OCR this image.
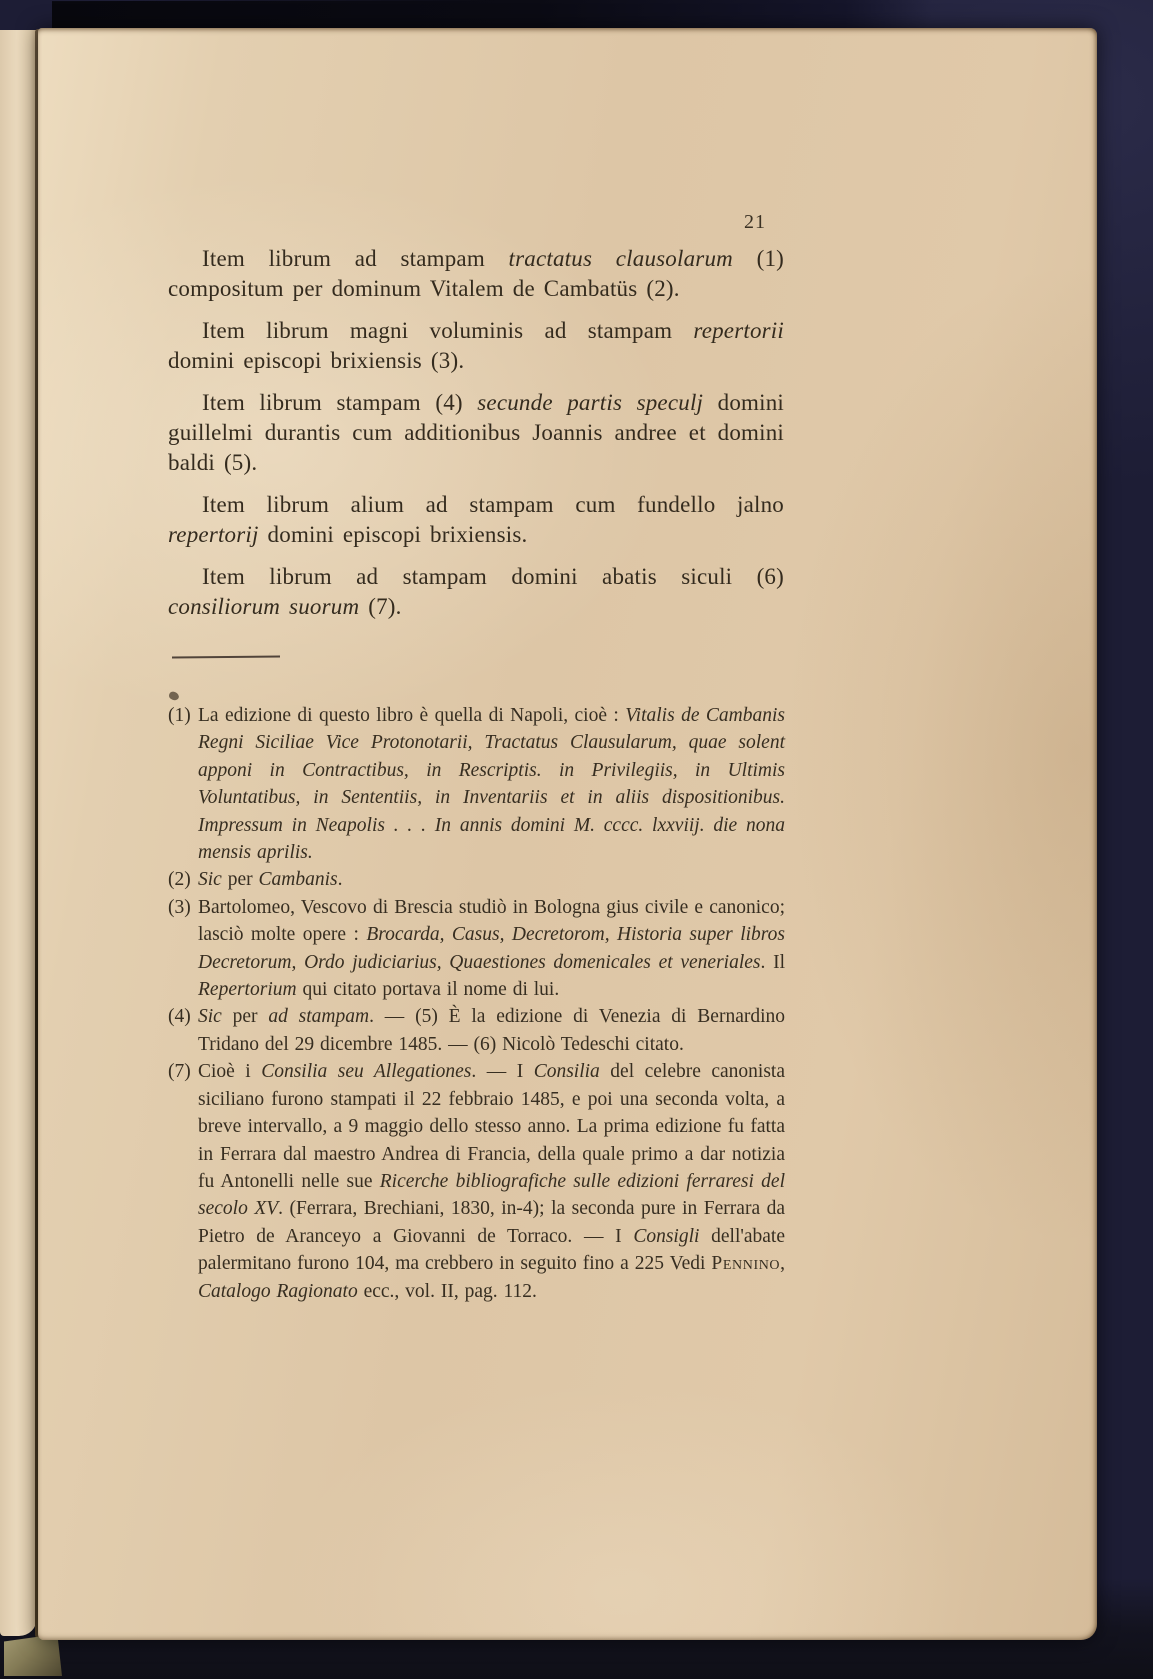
21

Item librum ad stampam tractatus clausolarum (1) compositum per dominum Vitalem de Cambatüs (2).

Item librum magni voluminis ad stampam repertorii domini episcopi brixiensis (3).

Item librum stampam (4) secunde partis speculj domini guillelmi durantis cum additionibus Joannis andree et domini baldi (5).

Item librum alium ad stampam cum fundello jalno repertorij domini episcopi brixiensis.

Item librum ad stampam domini abatis siculi (6) consiliorum suorum (7).

(1) La edizione di questo libro è quella di Napoli, cioè : Vitalis de Cambanis Regni Siciliae Vice Protonotarii, Tractatus Clausularum, quae solent apponi in Contractibus, in Rescriptis. in Privilegiis, in Ultimis Voluntatibus, in Sententiis, in Inventariis et in aliis dispositionibus. Impressum in Neapolis . . . In annis domini M. cccc. lxxviij. die nona mensis aprilis.

(2) Sic per Cambanis.

(3) Bartolomeo, Vescovo di Brescia studiò in Bologna gius civile e canonico; lasciò molte opere : Brocarda, Casus, Decretorom, Historia super libros Decretorum, Ordo judiciarius, Quaestiones domenicales et veneriales. Il Repertorium qui citato portava il nome di lui.

(4) Sic per ad stampam. — (5) È la edizione di Venezia di Bernardino Tridano del 29 dicembre 1485. — (6) Nicolò Tedeschi citato.

(7) Cioè i Consilia seu Allegationes. — I Consilia del celebre canonista siciliano furono stampati il 22 febbraio 1485, e poi una seconda volta, a breve intervallo, a 9 maggio dello stesso anno. La prima edizione fu fatta in Ferrara dal maestro Andrea di Francia, della quale primo a dar notizia fu Antonelli nelle sue Ricerche bibliografiche sulle edizioni ferraresi del secolo XV. (Ferrara, Brechiani, 1830, in-4); la seconda pure in Ferrara da Pietro de Aranceyo a Giovanni de Torraco. — I Consigli dell'abate palermitano furono 104, ma crebbero in seguito fino a 225 Vedi Pennino, Catalogo Ragionato ecc., vol. II, pag. 112.
